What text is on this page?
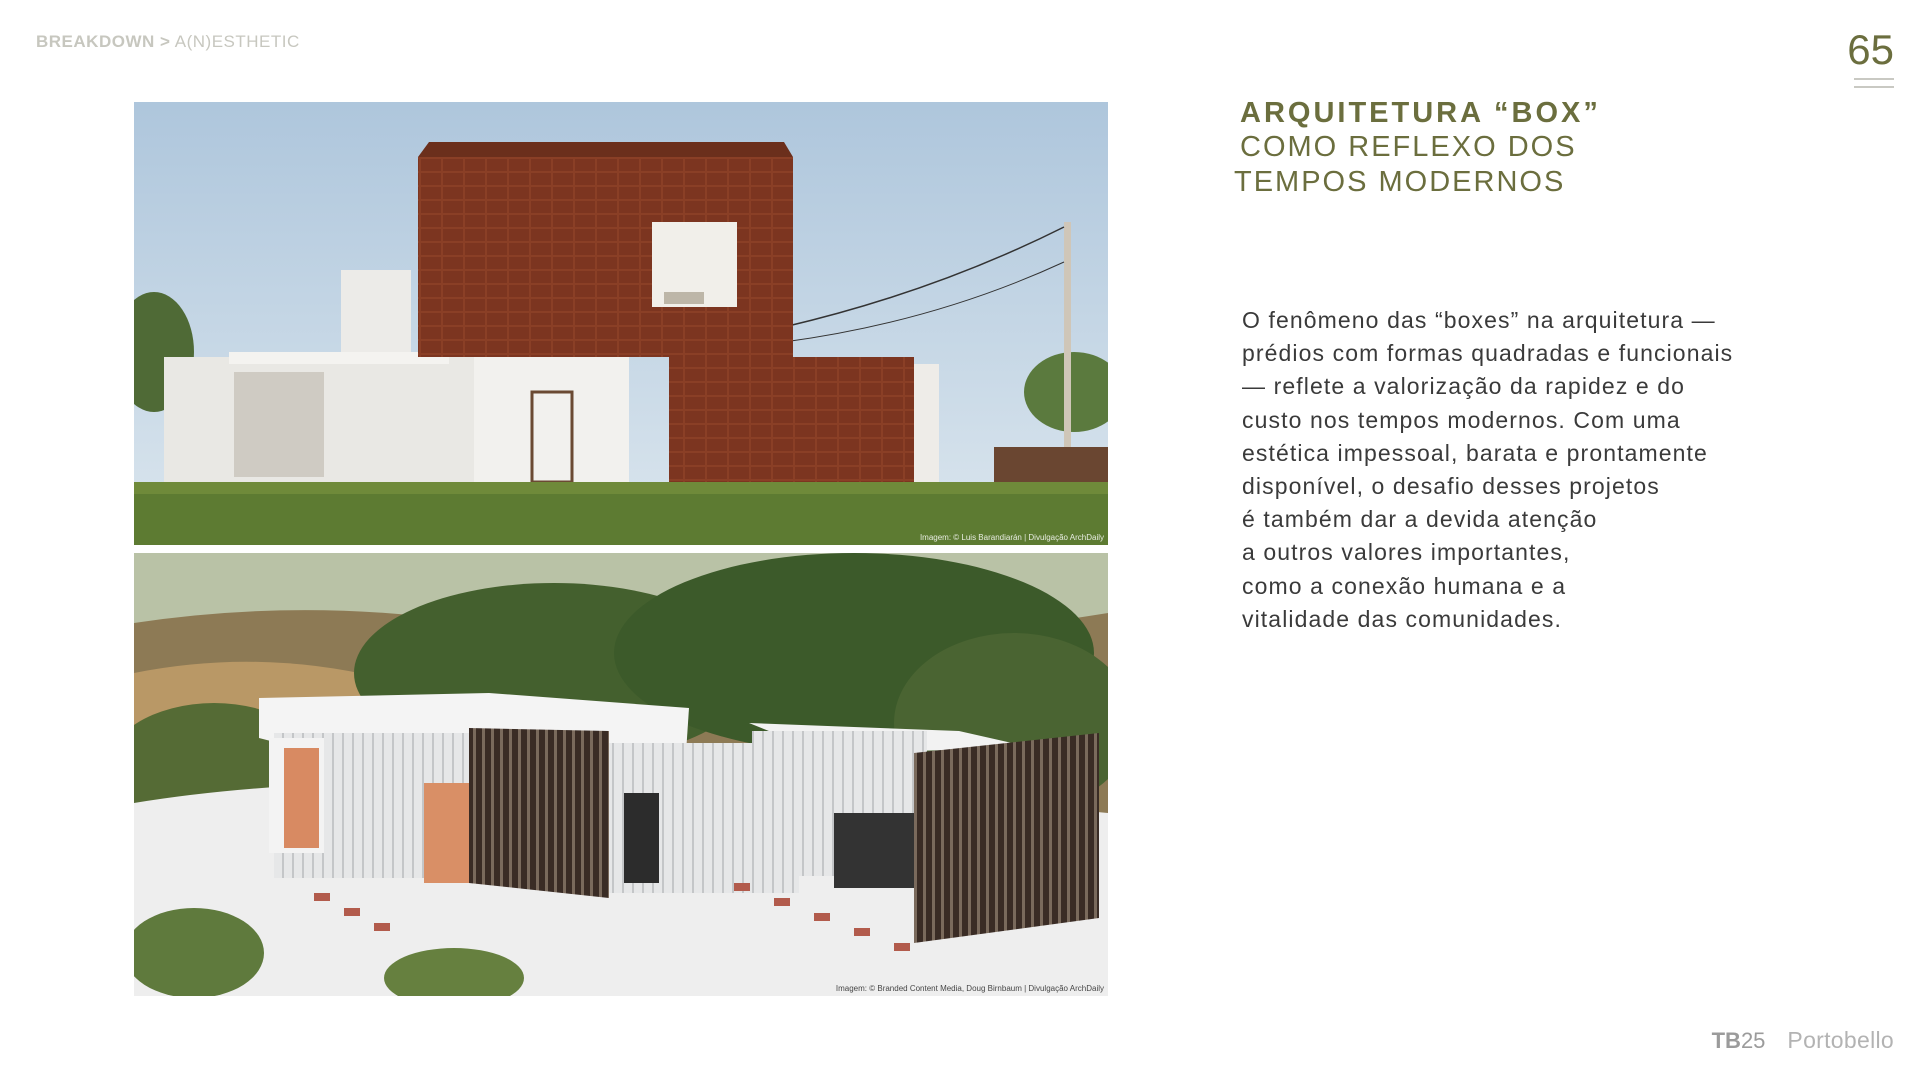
BREAKDOWN > A(N)ESTHETIC	65
Imagem: © Luis Barandiarán | Divulgação ArchDaily
Imagem: © Branded Content Media, Doug Birnbaum | Divulgação ArchDaily
ARQUITETURA “BOX”
COMO REFLEXO DOS
TEMPOS MODERNOS
O fenômeno das “boxes” na arquitetura —
prédios com formas quadradas e funcionais
— reflete a valorização da rapidez e do
custo nos tempos modernos. Com uma
estética impessoal, barata e prontamente
disponível, o desafio desses projetos
é também dar a devida atenção
a outros valores importantes,
como a conexão humana e a
vitalidade das comunidades.
TB25 Portobello
